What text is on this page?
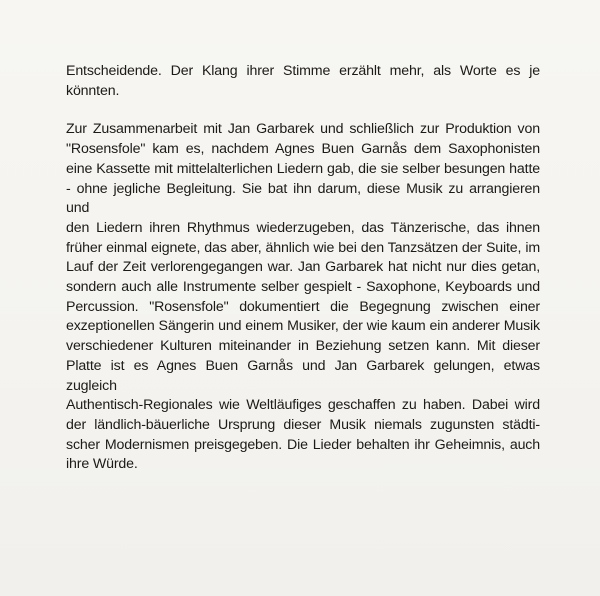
Entscheidende. Der Klang ihrer Stimme erzählt mehr, als Worte es je
könnten.

Zur Zusammenarbeit mit Jan Garbarek und schließlich zur Produktion von
"Rosensfole" kam es, nachdem Agnes Buen Garnås dem Saxophonisten
eine Kassette mit mittelalterlichen Liedern gab, die sie selber besungen hatte
- ohne jegliche Begleitung. Sie bat ihn darum, diese Musik zu arrangieren und
den Liedern ihren Rhythmus wiederzugeben, das Tänzerische, das ihnen
früher einmal eignete, das aber, ähnlich wie bei den Tanzsätzen der Suite, im
Lauf der Zeit verlorengegangen war. Jan Garbarek hat nicht nur dies getan,
sondern auch alle Instrumente selber gespielt - Saxophone, Keyboards und
Percussion. "Rosensfole" dokumentiert die Begegnung zwischen einer
exzeptionellen Sängerin und einem Musiker, der wie kaum ein anderer Musik
verschiedener Kulturen miteinander in Beziehung setzen kann. Mit dieser
Platte ist es Agnes Buen Garnås und Jan Garbarek gelungen, etwas zugleich
Authentisch-Regionales wie Weltläufiges geschaffen zu haben. Dabei wird
der ländlich-bäuerliche Ursprung dieser Musik niemals zugunsten städti-
scher Modernismen preisgegeben. Die Lieder behalten ihr Geheimnis, auch
ihre Würde.
